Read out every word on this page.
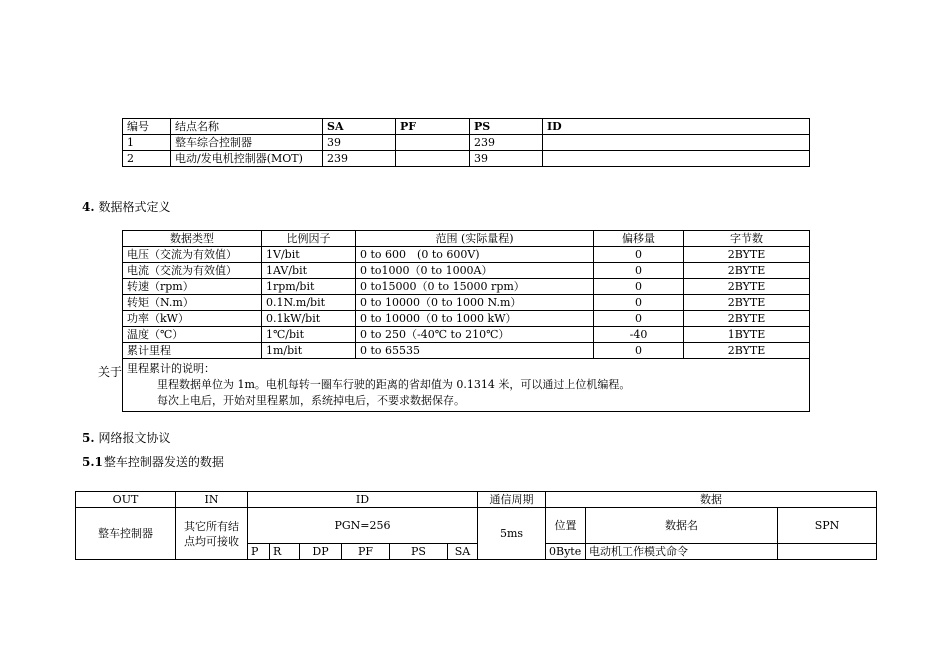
编号	结点名称	SA	PF	PS	ID
1	整车综合控制器	39		239	
2	电动/发电机控制器(MOT)	239		39	
4. 数据格式定义
数据类型	比例因子	范围 (实际量程)	偏移量	字节数
电压（交流为有效值）	1V/bit	0 to 600　(0 to 600V)	0	2BYTE
电流（交流为有效值）	1AV/bit	0 to1000（0 to 1000A）	0	2BYTE
转速（rpm）	1rpm/bit	0 to15000（0 to 15000 rpm）	0	2BYTE
转矩（N.m）	0.1N.m/bit	0 to 10000（0 to 1000 N.m）	0	2BYTE
功率（kW）	0.1kW/bit	0 to 10000（0 to 1000 kW）	0	2BYTE
温度（℃）	1℃/bit	0 to 250（-40℃ to 210℃）	-40	1BYTE
累计里程	1m/bit	0 to 65535	0	2BYTE
里程累计的说明：
里程数据单位为 1m。电机每转一圈车行驶的距离的省却值为 0.1314 米，可以通过上位机编程。
每次上电后，开始对里程累加，系统掉电后，不要求数据保存。				
关于
5. 网络报文协议
5.1整车控制器发送的数据
OUT	IN	ID						通信周期	数据		
整车控制器	其它所有结
点均可接收	PGN=256						5ms	位置	数据名	SPN
		P	R	DP	PF	PS	SA		0Byte	电动机工作模式命令	
